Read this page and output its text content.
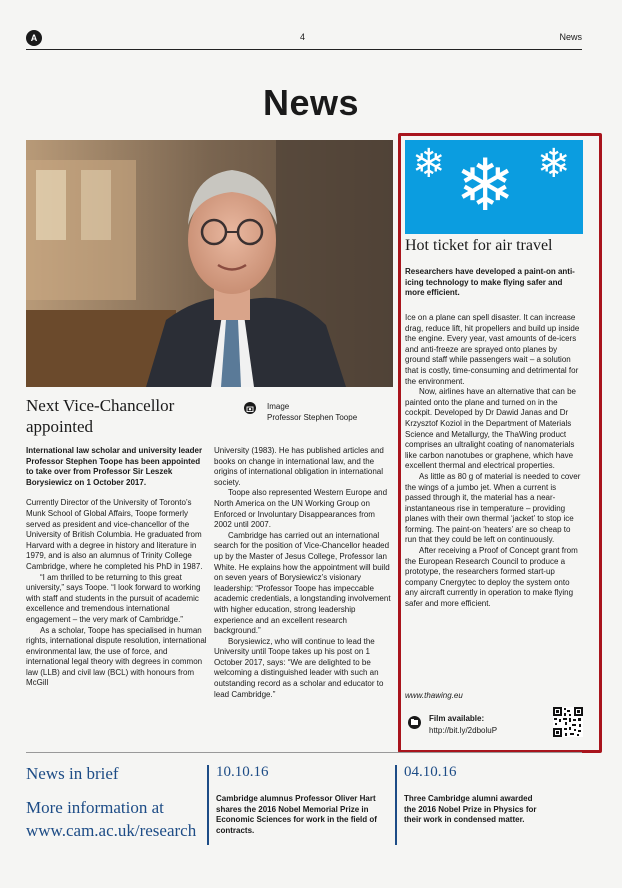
A	4	News
News
Next Vice-Chancellor appointed
Image
Professor Stephen Toope

International law scholar and university leader Professor Stephen Toope has been appointed to take over from Professor Sir Leszek Borysiewicz on 1 October 2017.

Currently Director of the University of Toronto’s Munk School of Global Affairs, Toope formerly served as president and vice-chancellor of the University of British Columbia. He graduated from Harvard with a degree in history and literature in 1979, and is also an alumnus of Trinity College Cambridge, where he completed his PhD in 1987.

“I am thrilled to be returning to this great university,” says Toope. “I look forward to working with staff and students in the pursuit of academic excellence and tremendous international engagement – the very mark of Cambridge.”

As a scholar, Toope has specialised in human rights, international dispute resolution, international environmental law, the use of force, and international legal theory with degrees in common law (LLB) and civil law (BCL) with honours from McGill

University (1983). He has published articles and books on change in international law, and the origins of international obligation in international society.

Toope also represented Western Europe and North America on the UN Working Group on Enforced or Involuntary Disappearances from 2002 until 2007.

Cambridge has carried out an international search for the position of Vice-Chancellor headed up by the Master of Jesus College, Professor Ian White. He explains how the appointment will build on seven years of Borysiewicz’s visionary leadership: “Professor Toope has impeccable academic credentials, a longstanding involvement with higher education, strong leadership experience and an excellent research background.”

Borysiewicz, who will continue to lead the University until Toope takes up his post on 1 October 2017, says: “We are delighted to be welcoming a distinguished leader with such an outstanding record as a scholar and educator to lead Cambridge.”

❄ ❄ ❄
Hot ticket for air travel
Researchers have developed a paint-on anti-icing technology to make flying safer and more efficient.

Ice on a plane can spell disaster. It can increase drag, reduce lift, hit propellers and build up inside the engine. Every year, vast amounts of de-icers and anti-freeze are sprayed onto planes by ground staff while passengers wait – a solution that is costly, time-consuming and detrimental for the environment.

Now, airlines have an alternative that can be painted onto the plane and turned on in the cockpit. Developed by Dr Dawid Janas and Dr Krzysztof Koziol in the Department of Materials Science and Metallurgy, the ThaWing product comprises an ultralight coating of nanomaterials like carbon nanotubes or graphene, which have excellent thermal and electrical properties.

As little as 80 g of material is needed to cover the wings of a jumbo jet. When a current is passed through it, the material has a near-instantaneous rise in temperature – providing planes with their own thermal ‘jacket’ to stop ice forming. The paint-on ‘heaters’ are so cheap to run that they could be left on continuously.

After receiving a Proof of Concept grant from the European Research Council to produce a prototype, the researchers formed start-up company Cnergytec to deploy the system onto any aircraft currently in operation to make flying safer and more efficient.

www.thawing.eu
Film available:
http://bit.ly/2dboluP
News in brief
More information at www.cam.ac.uk/research
10.10.16
Cambridge alumnus Professor Oliver Hart shares the 2016 Nobel Memorial Prize in Economic Sciences for work in the field of contracts.
04.10.16
Three Cambridge alumni awarded the 2016 Nobel Prize in Physics for their work in condensed matter.
